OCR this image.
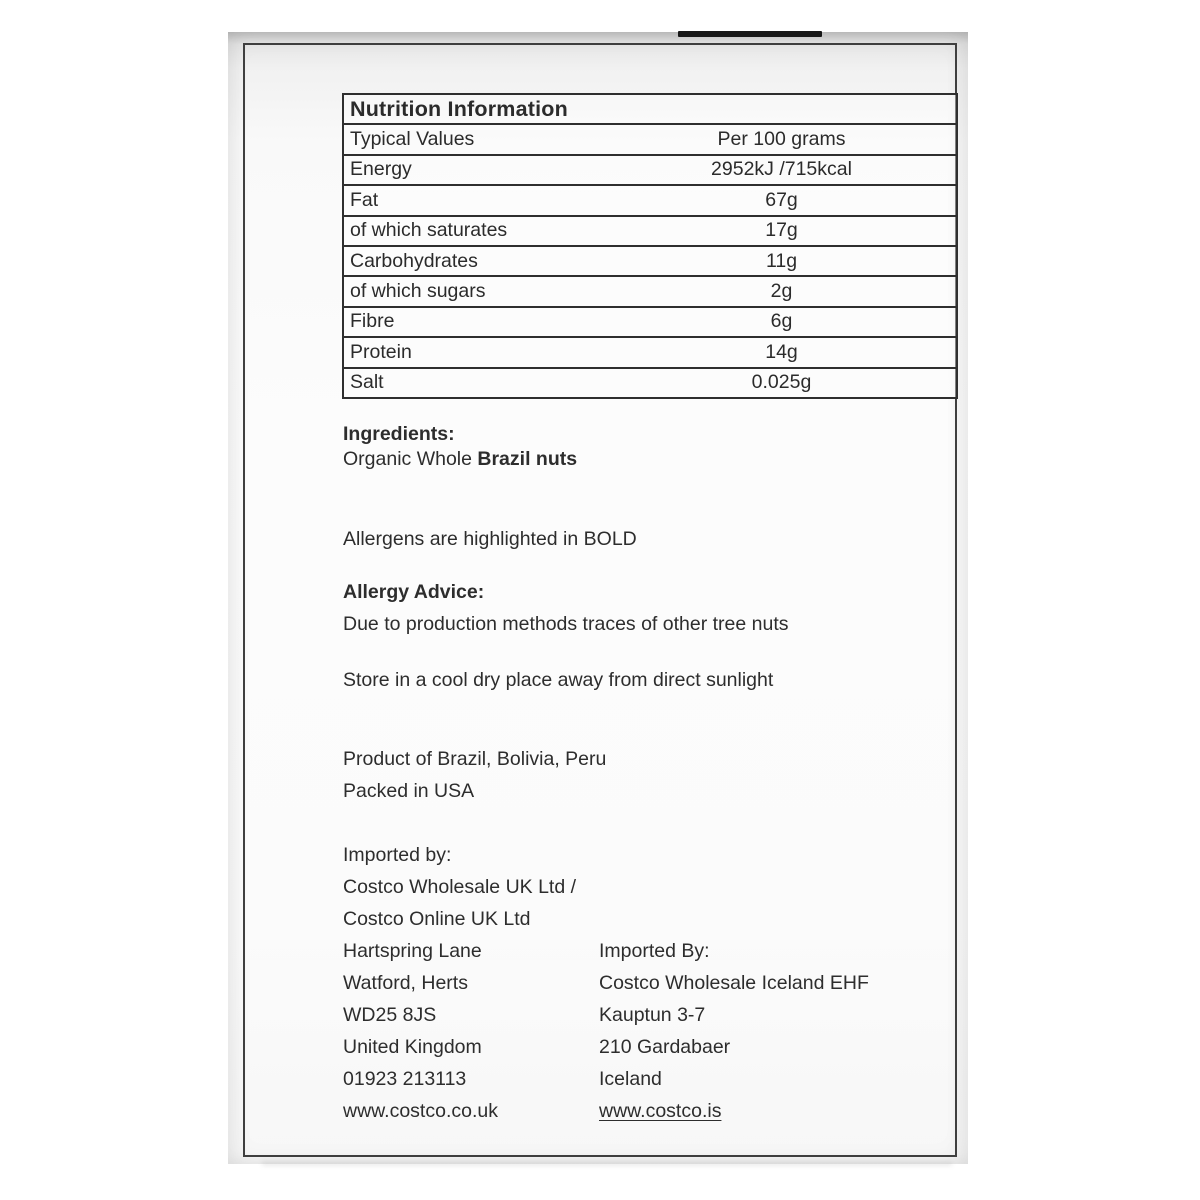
Nutrition Information
Typical Values	Per 100 grams
Energy	2952kJ /715kcal
Fat	67g
of which saturates	17g
Carbohydrates	11g
of which sugars	2g
Fibre	6g
Protein	14g
Salt	0.025g
Ingredients:
Organic Whole Brazil nuts
Allergens are highlighted in BOLD
Allergy Advice:
Due to production methods traces of other tree nuts
Store in a cool dry place away from direct sunlight
Product of Brazil, Bolivia, Peru
Packed in USA
Imported by:
Costco Wholesale UK Ltd /
Costco Online UK Ltd
Hartspring Lane
Watford, Herts
WD25 8JS
United Kingdom
01923 213113
www.costco.co.uk
Imported By:
Costco Wholesale Iceland EHF
Kauptun 3-7
210 Gardabaer
Iceland
www.costco.is
